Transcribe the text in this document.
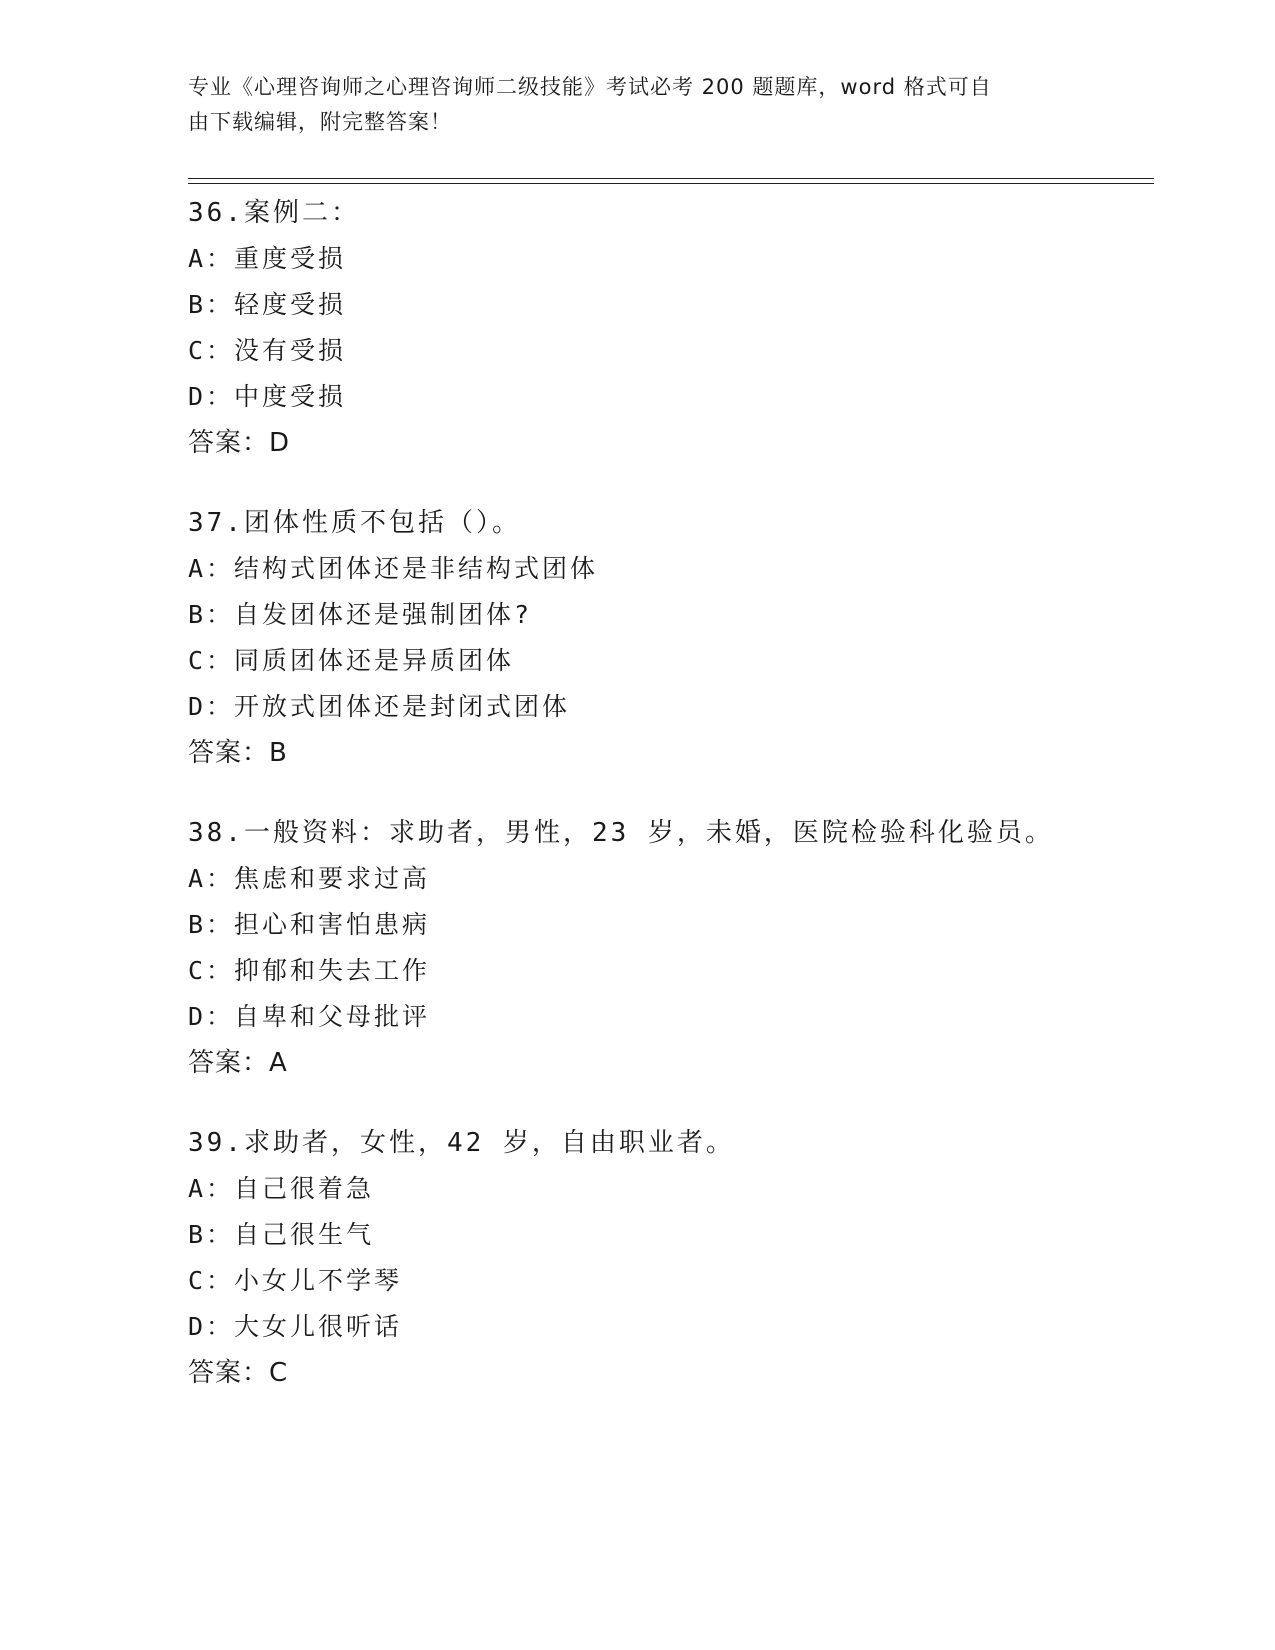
专业《心理咨询师之心理咨询师二级技能》考试必考 200 题题库，word 格式可自
由下载编辑，附完整答案！
36.案例二：
A：重度受损
B：轻度受损
C：没有受损
D：中度受损
答案：D
37.团体性质不包括（）。
A：结构式团体还是非结构式团体
B：自发团体还是强制团体?
C：同质团体还是异质团体
D：开放式团体还是封闭式团体
答案：B
38.一般资料：求助者，男性，23 岁，未婚，医院检验科化验员。
A：焦虑和要求过高
B：担心和害怕患病
C：抑郁和失去工作
D：自卑和父母批评
答案：A
39.求助者，女性，42 岁，自由职业者。
A：自己很着急
B：自己很生气
C：小女儿不学琴
D：大女儿很听话
答案：C
